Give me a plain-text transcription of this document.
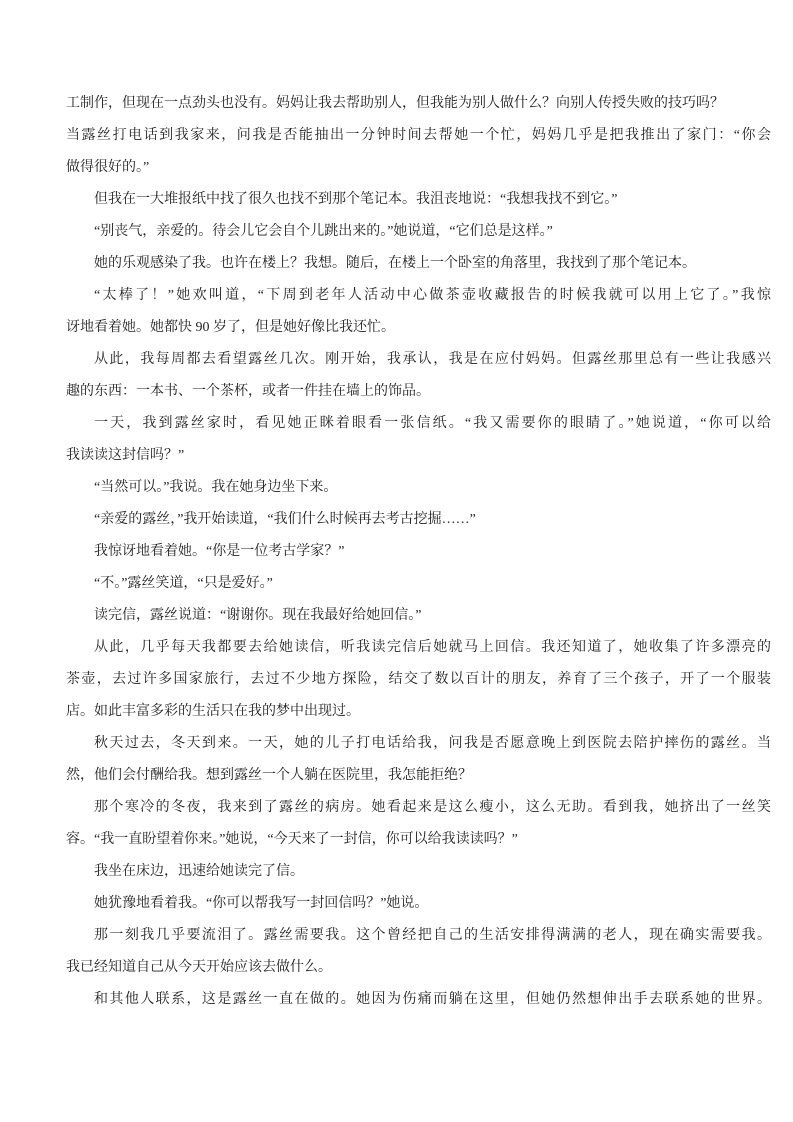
工制作，但现在一点劲头也没有。妈妈让我去帮助别人，但我能为别人做什么？向别人传授失败的技巧吗？
当露丝打电话到我家来，问我是否能抽出一分钟时间去帮她一个忙，妈妈几乎是把我推出了家门：“你会
做得很好的。”
但我在一大堆报纸中找了很久也找不到那个笔记本。我沮丧地说：“我想我找不到它。”
“别丧气，亲爱的。待会儿它会自个儿跳出来的。”她说道，“它们总是这样。”
她的乐观感染了我。也许在楼上？我想。随后，在楼上一个卧室的角落里，我找到了那个笔记本。
“太棒了！”她欢叫道，“下周到老年人活动中心做茶壶收藏报告的时候我就可以用上它了。”我惊
讶地看着她。她都快 90 岁了，但是她好像比我还忙。
从此，我每周都去看望露丝几次。刚开始，我承认，我是在应付妈妈。但露丝那里总有一些让我感兴
趣的东西：一本书、一个茶杯，或者一件挂在墙上的饰品。
一天，我到露丝家时，看见她正眯着眼看一张信纸。“我又需要你的眼睛了。”她说道，“你可以给
我读读这封信吗？”
“当然可以。”我说。我在她身边坐下来。
“亲爱的露丝，”我开始读道，“我们什么时候再去考古挖掘……”
我惊讶地看着她。“你是一位考古学家？”
“不。”露丝笑道，“只是爱好。”
读完信，露丝说道：“谢谢你。现在我最好给她回信。”
从此，几乎每天我都要去给她读信，听我读完信后她就马上回信。我还知道了，她收集了许多漂亮的
茶壶，去过许多国家旅行，去过不少地方探险，结交了数以百计的朋友，养育了三个孩子，开了一个服装
店。如此丰富多彩的生活只在我的梦中出现过。
秋天过去，冬天到来。一天，她的儿子打电话给我，问我是否愿意晚上到医院去陪护摔伤的露丝。当
然，他们会付酬给我。想到露丝一个人躺在医院里，我怎能拒绝？
那个寒冷的冬夜，我来到了露丝的病房。她看起来是这么瘦小，这么无助。看到我，她挤出了一丝笑
容。“我一直盼望着你来。”她说，“今天来了一封信，你可以给我读读吗？”
我坐在床边，迅速给她读完了信。
她犹豫地看着我。“你可以帮我写一封回信吗？”她说。
那一刻我几乎要流泪了。露丝需要我。这个曾经把自己的生活安排得满满的老人，现在确实需要我。
我已经知道自己从今天开始应该去做什么。
和其他人联系，这是露丝一直在做的。她因为伤痛而躺在这里，但她仍然想伸出手去联系她的世界。
